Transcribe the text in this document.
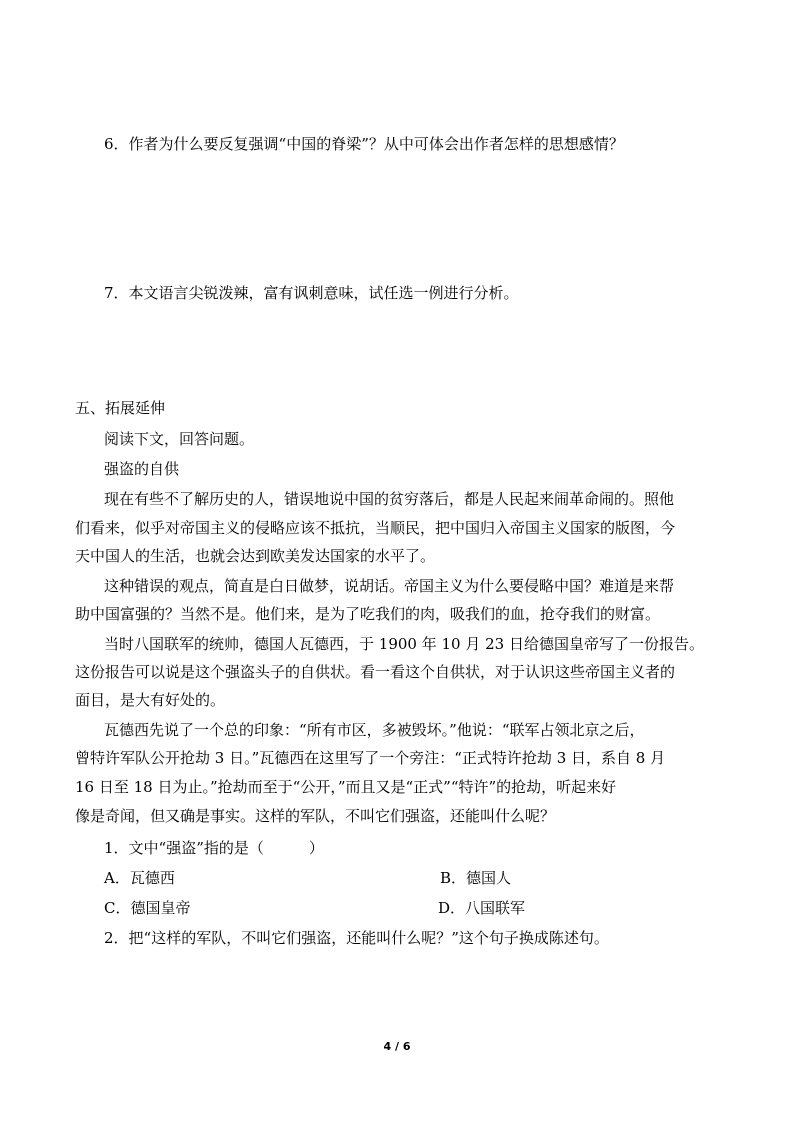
6．作者为什么要反复强调“中国的脊梁”？从中可体会出作者怎样的思想感情？
7．本文语言尖锐泼辣，富有讽刺意味，试任选一例进行分析。
五、拓展延伸
阅读下文，回答问题。
强盗的自供
现在有些不了解历史的人，错误地说中国的贫穷落后，都是人民起来闹革命闹的。照他
们看来，似乎对帝国主义的侵略应该不抵抗，当顺民，把中国归入帝国主义国家的版图，今
天中国人的生活，也就会达到欧美发达国家的水平了。
这种错误的观点，简直是白日做梦，说胡话。帝国主义为什么要侵略中国？难道是来帮
助中国富强的？当然不是。他们来，是为了吃我们的肉，吸我们的血，抢夺我们的财富。
当时八国联军的统帅，德国人瓦德西，于 1900 年 10 月 23 日给德国皇帝写了一份报告。
这份报告可以说是这个强盗头子的自供状。看一看这个自供状，对于认识这些帝国主义者的
面目，是大有好处的。
瓦德西先说了一个总的印象：“所有市区，多被毁坏。”他说：“联军占领北京之后，
曾特许军队公开抢劫 3 日。”瓦德西在这里写了一个旁注：“正式特许抢劫 3 日，系自 8 月
16 日至 18 日为止。”抢劫而至于“公开，”而且又是“正式”“特许”的抢劫，听起来好
像是奇闻，但又确是事实。这样的军队，不叫它们强盗，还能叫什么呢？
1．文中“强盗”指的是（　　　）
A．瓦德西	B．德国人
C．德国皇帝	D．八国联军
2．把“这样的军队，不叫它们强盗，还能叫什么呢？”这个句子换成陈述句。
4 / 6
